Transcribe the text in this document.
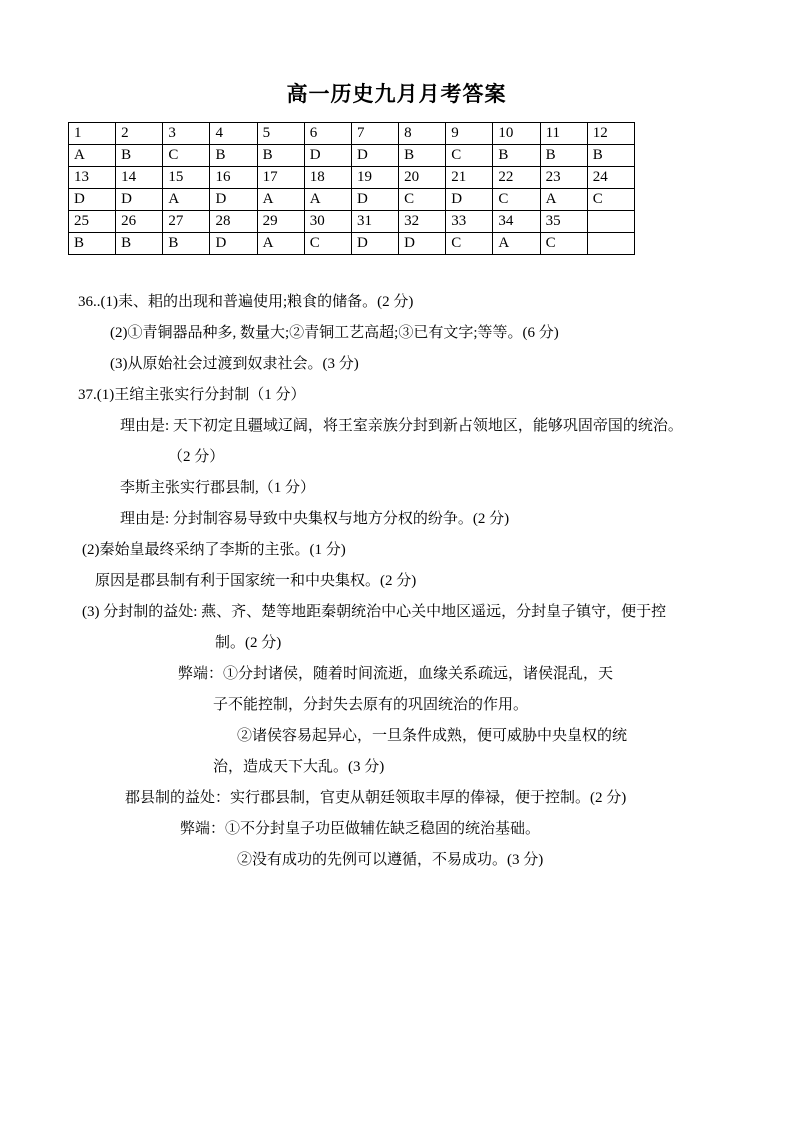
高一历史九月月考答案
1	2	3	4	5	6	7	8	9	10	11	12
A	B	C	B	B	D	D	B	C	B	B	B
13	14	15	16	17	18	19	20	21	22	23	24
D	D	A	D	A	A	D	C	D	C	A	C
25	26	27	28	29	30	31	32	33	34	35	
B	B	B	D	A	C	D	D	C	A	C	

36..(1)耒、耜的出现和普遍使用;粮食的储备。(2 分)

(2)①青铜器品种多, 数量大;②青铜工艺高超;③已有文字;等等。(6 分)

(3)从原始社会过渡到奴隶社会。(3 分)

37.(1)王绾主张实行分封制（1 分）

理由是: 天下初定且疆域辽阔，将王室亲族分封到新占领地区，能够巩固帝国的统治。

（2 分）

李斯主张实行郡县制,（1 分）

理由是: 分封制容易导致中央集权与地方分权的纷争。(2 分)

(2)秦始皇最终采纳了李斯的主张。(1 分)

原因是郡县制有利于国家统一和中央集权。(2 分)

(3) 分封制的益处: 燕、齐、楚等地距秦朝统治中心关中地区遥远，分封皇子镇守，便于控

制。(2 分)

弊端：①分封诸侯，随着时间流逝，血缘关系疏远，诸侯混乱，天

子不能控制，分封失去原有的巩固统治的作用。

②诸侯容易起异心，一旦条件成熟，便可威胁中央皇权的统

治，造成天下大乱。(3 分)

郡县制的益处：实行郡县制，官吏从朝廷领取丰厚的俸禄，便于控制。(2 分)

弊端：①不分封皇子功臣做辅佐缺乏稳固的统治基础。

②没有成功的先例可以遵循，不易成功。(3 分)
